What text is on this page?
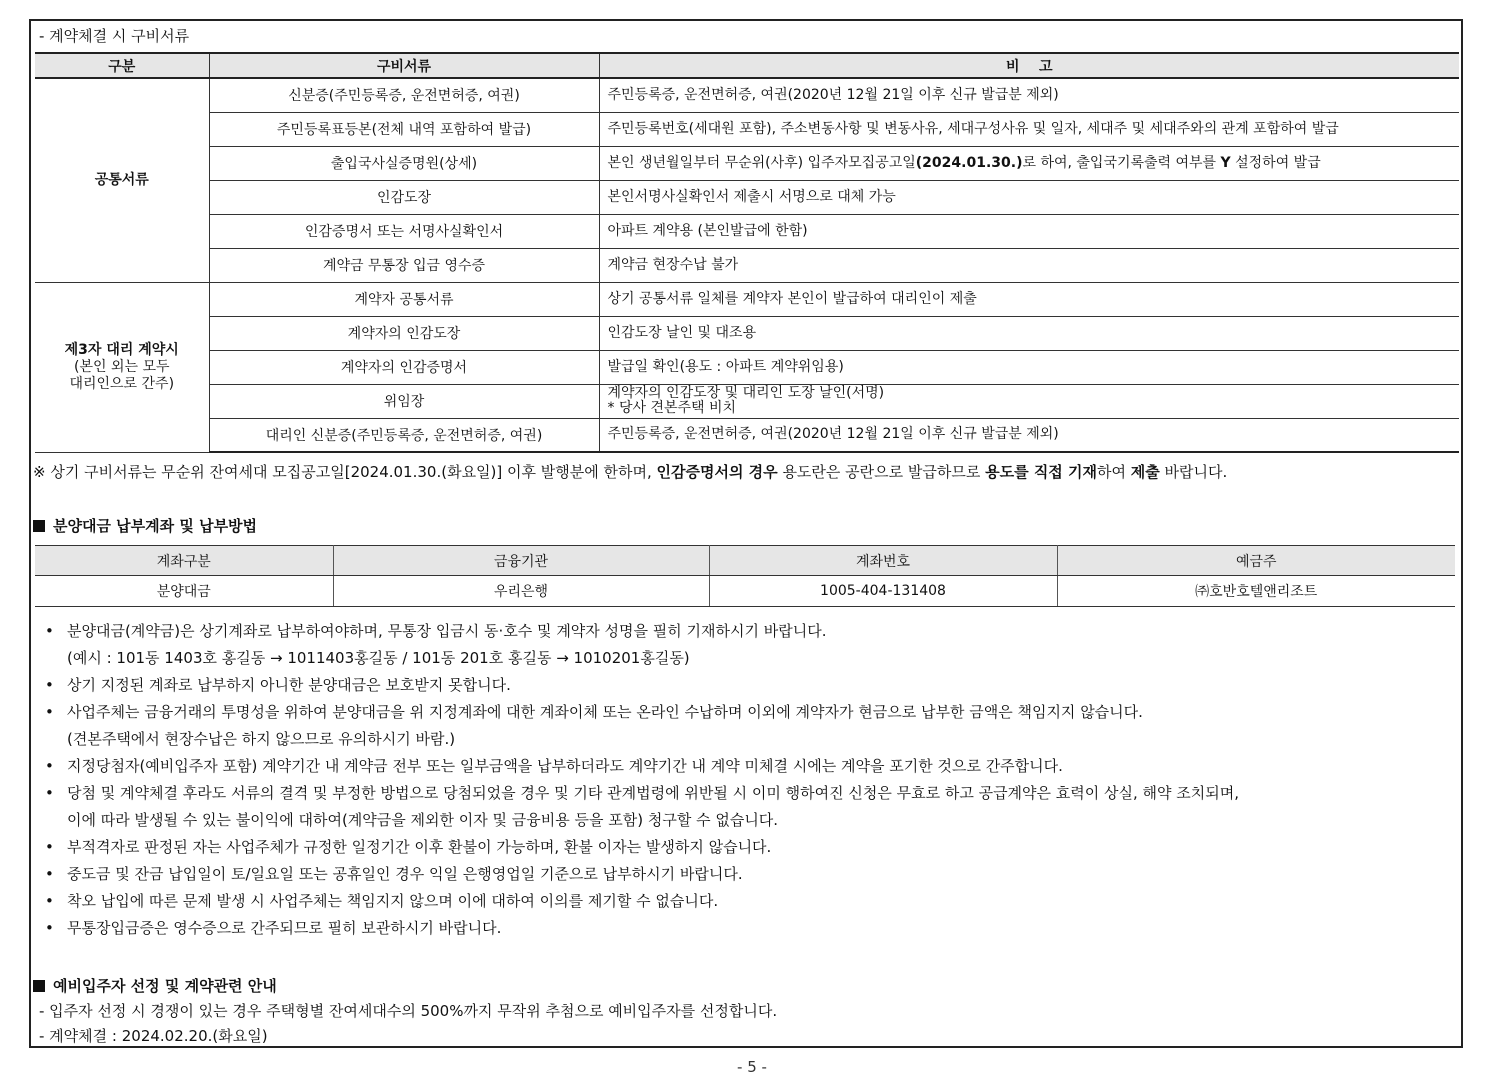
- 계약체결 시 구비서류
구분	구비서류	비    고
공통서류	신분증(주민등록증, 운전면허증, 여권)	주민등록증, 운전면허증, 여권(2020년 12월 21일 이후 신규 발급분 제외)
	주민등록표등본(전체 내역 포함하여 발급)	주민등록번호(세대원 포함), 주소변동사항 및 변동사유, 세대구성사유 및 일자, 세대주 및 세대주와의 관계 포함하여 발급
	출입국사실증명원(상세)	본인 생년월일부터 무순위(사후) 입주자모집공고일(2024.01.30.)로 하여, 출입국기록출력 여부를 Y 설정하여 발급
	인감도장	본인서명사실확인서 제출시 서명으로 대체 가능
	인감증명서 또는 서명사실확인서	아파트 계약용 (본인발급에 한함)
	계약금 무통장 입금 영수증	계약금 현장수납 불가
제3자 대리 계약시
(본인 외는 모두
대리인으로 간주)	계약자 공통서류	상기 공통서류 일체를 계약자 본인이 발급하여 대리인이 제출
	계약자의 인감도장	인감도장 날인 및 대조용
	계약자의 인감증명서	발급일 확인(용도 : 아파트 계약위임용)
	위임장	계약자의 인감도장 및 대리인 도장 날인(서명)
* 당사 견본주택 비치

	대리인 신분증(주민등록증, 운전면허증, 여권)	주민등록증, 운전면허증, 여권(2020년 12월 21일 이후 신규 발급분 제외)
※ 상기 구비서류는 무순위 잔여세대 모집공고일[2024.01.30.(화요일)] 이후 발행분에 한하며, 인감증명서의 경우 용도란은 공란으로 발급하므로 용도를 직접 기재하여 제출 바랍니다.
분양대금 납부계좌 및 납부방법
계좌구분	금융기관	계좌번호	예금주
분양대금	우리은행	1005-404-131408	㈜호반호텔앤리조트
• 분양대금(계약금)은 상기계좌로 납부하여야하며, 무통장 입금시 동·호수 및 계약자 성명을 필히 기재하시기 바랍니다.
(예시 : 101동 1403호 홍길동 → 1011403홍길동 / 101동 201호 홍길동 → 1010201홍길동)
• 상기 지정된 계좌로 납부하지 아니한 분양대금은 보호받지 못합니다.
• 사업주체는 금융거래의 투명성을 위하여 분양대금을 위 지정계좌에 대한 계좌이체 또는 온라인 수납하며 이외에 계약자가 현금으로 납부한 금액은 책임지지 않습니다.
(견본주택에서 현장수납은 하지 않으므로 유의하시기 바람.)
• 지정당첨자(예비입주자 포함) 계약기간 내 계약금 전부 또는 일부금액을 납부하더라도 계약기간 내 계약 미체결 시에는 계약을 포기한 것으로 간주합니다.
• 당첨 및 계약체결 후라도 서류의 결격 및 부정한 방법으로 당첨되었을 경우 및 기타 관계법령에 위반될 시 이미 행하여진 신청은 무효로 하고 공급계약은 효력이 상실, 해약 조치되며,
이에 따라 발생될 수 있는 불이익에 대하여(계약금을 제외한 이자 및 금융비용 등을 포함) 청구할 수 없습니다.
• 부적격자로 판정된 자는 사업주체가 규정한 일정기간 이후 환불이 가능하며, 환불 이자는 발생하지 않습니다.
• 중도금 및 잔금 납입일이 토/일요일 또는 공휴일인 경우 익일 은행영업일 기준으로 납부하시기 바랍니다.
• 착오 납입에 따른 문제 발생 시 사업주체는 책임지지 않으며 이에 대하여 이의를 제기할 수 없습니다.
• 무통장입금증은 영수증으로 간주되므로 필히 보관하시기 바랍니다.
예비입주자 선정 및 계약관련 안내
- 입주자 선정 시 경쟁이 있는 경우 주택형별 잔여세대수의 500%까지 무작위 추첨으로 예비입주자를 선정합니다.
- 계약체결 : 2024.02.20.(화요일)
- 5 -
